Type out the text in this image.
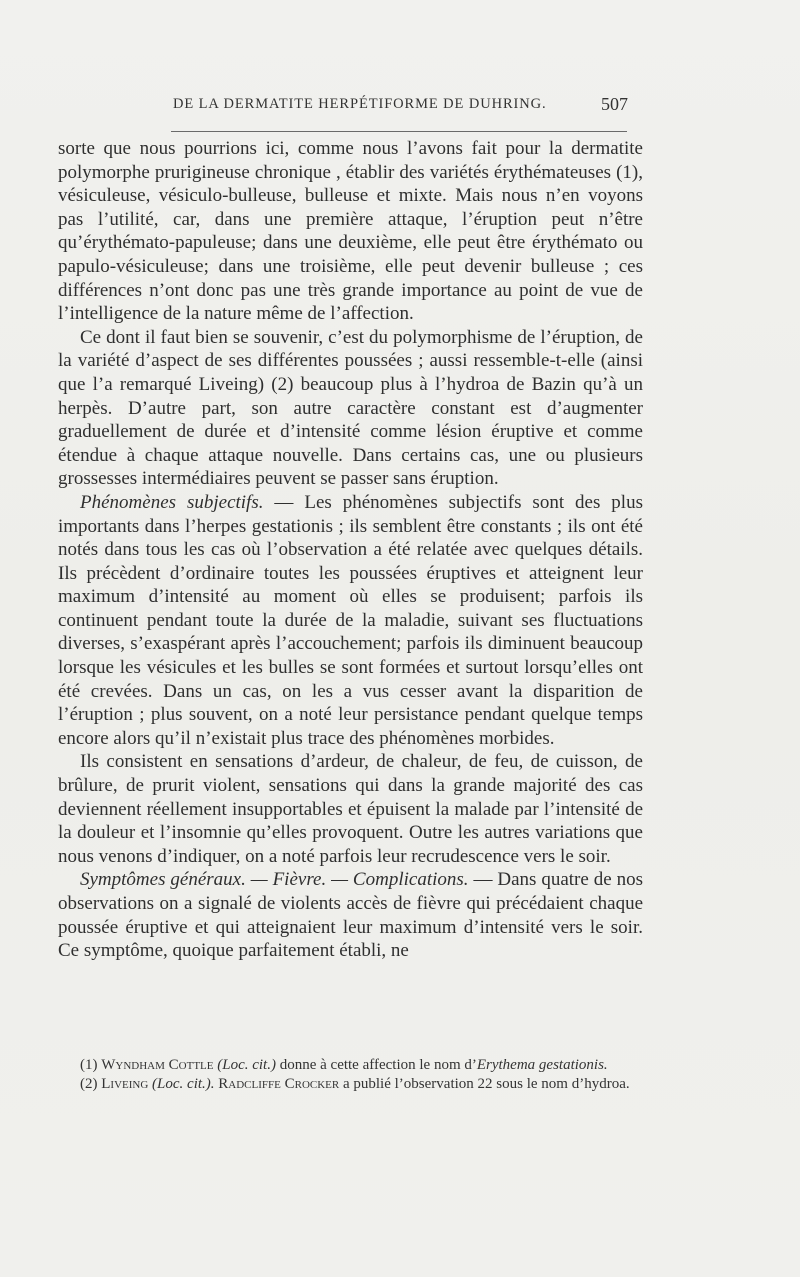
DE LA DERMATITE HERPÉTIFORME DE DUHRING.	507

sorte que nous pourrions ici, comme nous l’avons fait pour la dermatite polymorphe prurigineuse chronique , établir des variétés érythémateuses (1), vésiculeuse, vésiculo-bulleuse, bulleuse et mixte. Mais nous n’en voyons pas l’utilité, car, dans une première attaque, l’éruption peut n’être qu’érythémato-papuleuse; dans une deuxième, elle peut être érythémato ou papulo-vésiculeuse; dans une troisième, elle peut devenir bulleuse ; ces différences n’ont donc pas une très grande importance au point de vue de l’intelligence de la nature même de l’affection.

Ce dont il faut bien se souvenir, c’est du polymorphisme de l’éruption, de la variété d’aspect de ses différentes poussées ; aussi ressemble-t-elle (ainsi que l’a remarqué Liveing) (2) beaucoup plus à l’hydroa de Bazin qu’à un herpès. D’autre part, son autre caractère constant est d’augmenter graduellement de durée et d’intensité comme lésion éruptive et comme étendue à chaque attaque nouvelle. Dans certains cas, une ou plusieurs grossesses intermédiaires peuvent se passer sans éruption.

Phénomènes subjectifs. — Les phénomènes subjectifs sont des plus importants dans l’herpes gestationis ; ils semblent être constants ; ils ont été notés dans tous les cas où l’observation a été relatée avec quelques détails. Ils précèdent d’ordinaire toutes les poussées éruptives et atteignent leur maximum d’intensité au moment où elles se produisent; parfois ils continuent pendant toute la durée de la maladie, suivant ses fluctuations diverses, s’exaspérant après l’accouchement; parfois ils diminuent beaucoup lorsque les vésicules et les bulles se sont formées et surtout lorsqu’elles ont été crevées. Dans un cas, on les a vus cesser avant la disparition de l’éruption ; plus souvent, on a noté leur persistance pendant quelque temps encore alors qu’il n’existait plus trace des phénomènes morbides.

Ils consistent en sensations d’ardeur, de chaleur, de feu, de cuisson, de brûlure, de prurit violent, sensations qui dans la grande majorité des cas deviennent réellement insupportables et épuisent la malade par l’intensité de la douleur et l’insomnie qu’elles provoquent. Outre les autres variations que nous venons d’indiquer, on a noté parfois leur recrudescence vers le soir.

Symptômes généraux. — Fièvre. — Complications. — Dans quatre de nos observations on a signalé de violents accès de fièvre qui précédaient chaque poussée éruptive et qui atteignaient leur maximum d’intensité vers le soir. Ce symptôme, quoique parfaitement établi, ne

(1) Wyndham Cottle (Loc. cit.) donne à cette affection le nom d’Erythema gestationis.

(2) Liveing (Loc. cit.). Radcliffe Crocker a publié l’observation 22 sous le nom d’hydroa.
